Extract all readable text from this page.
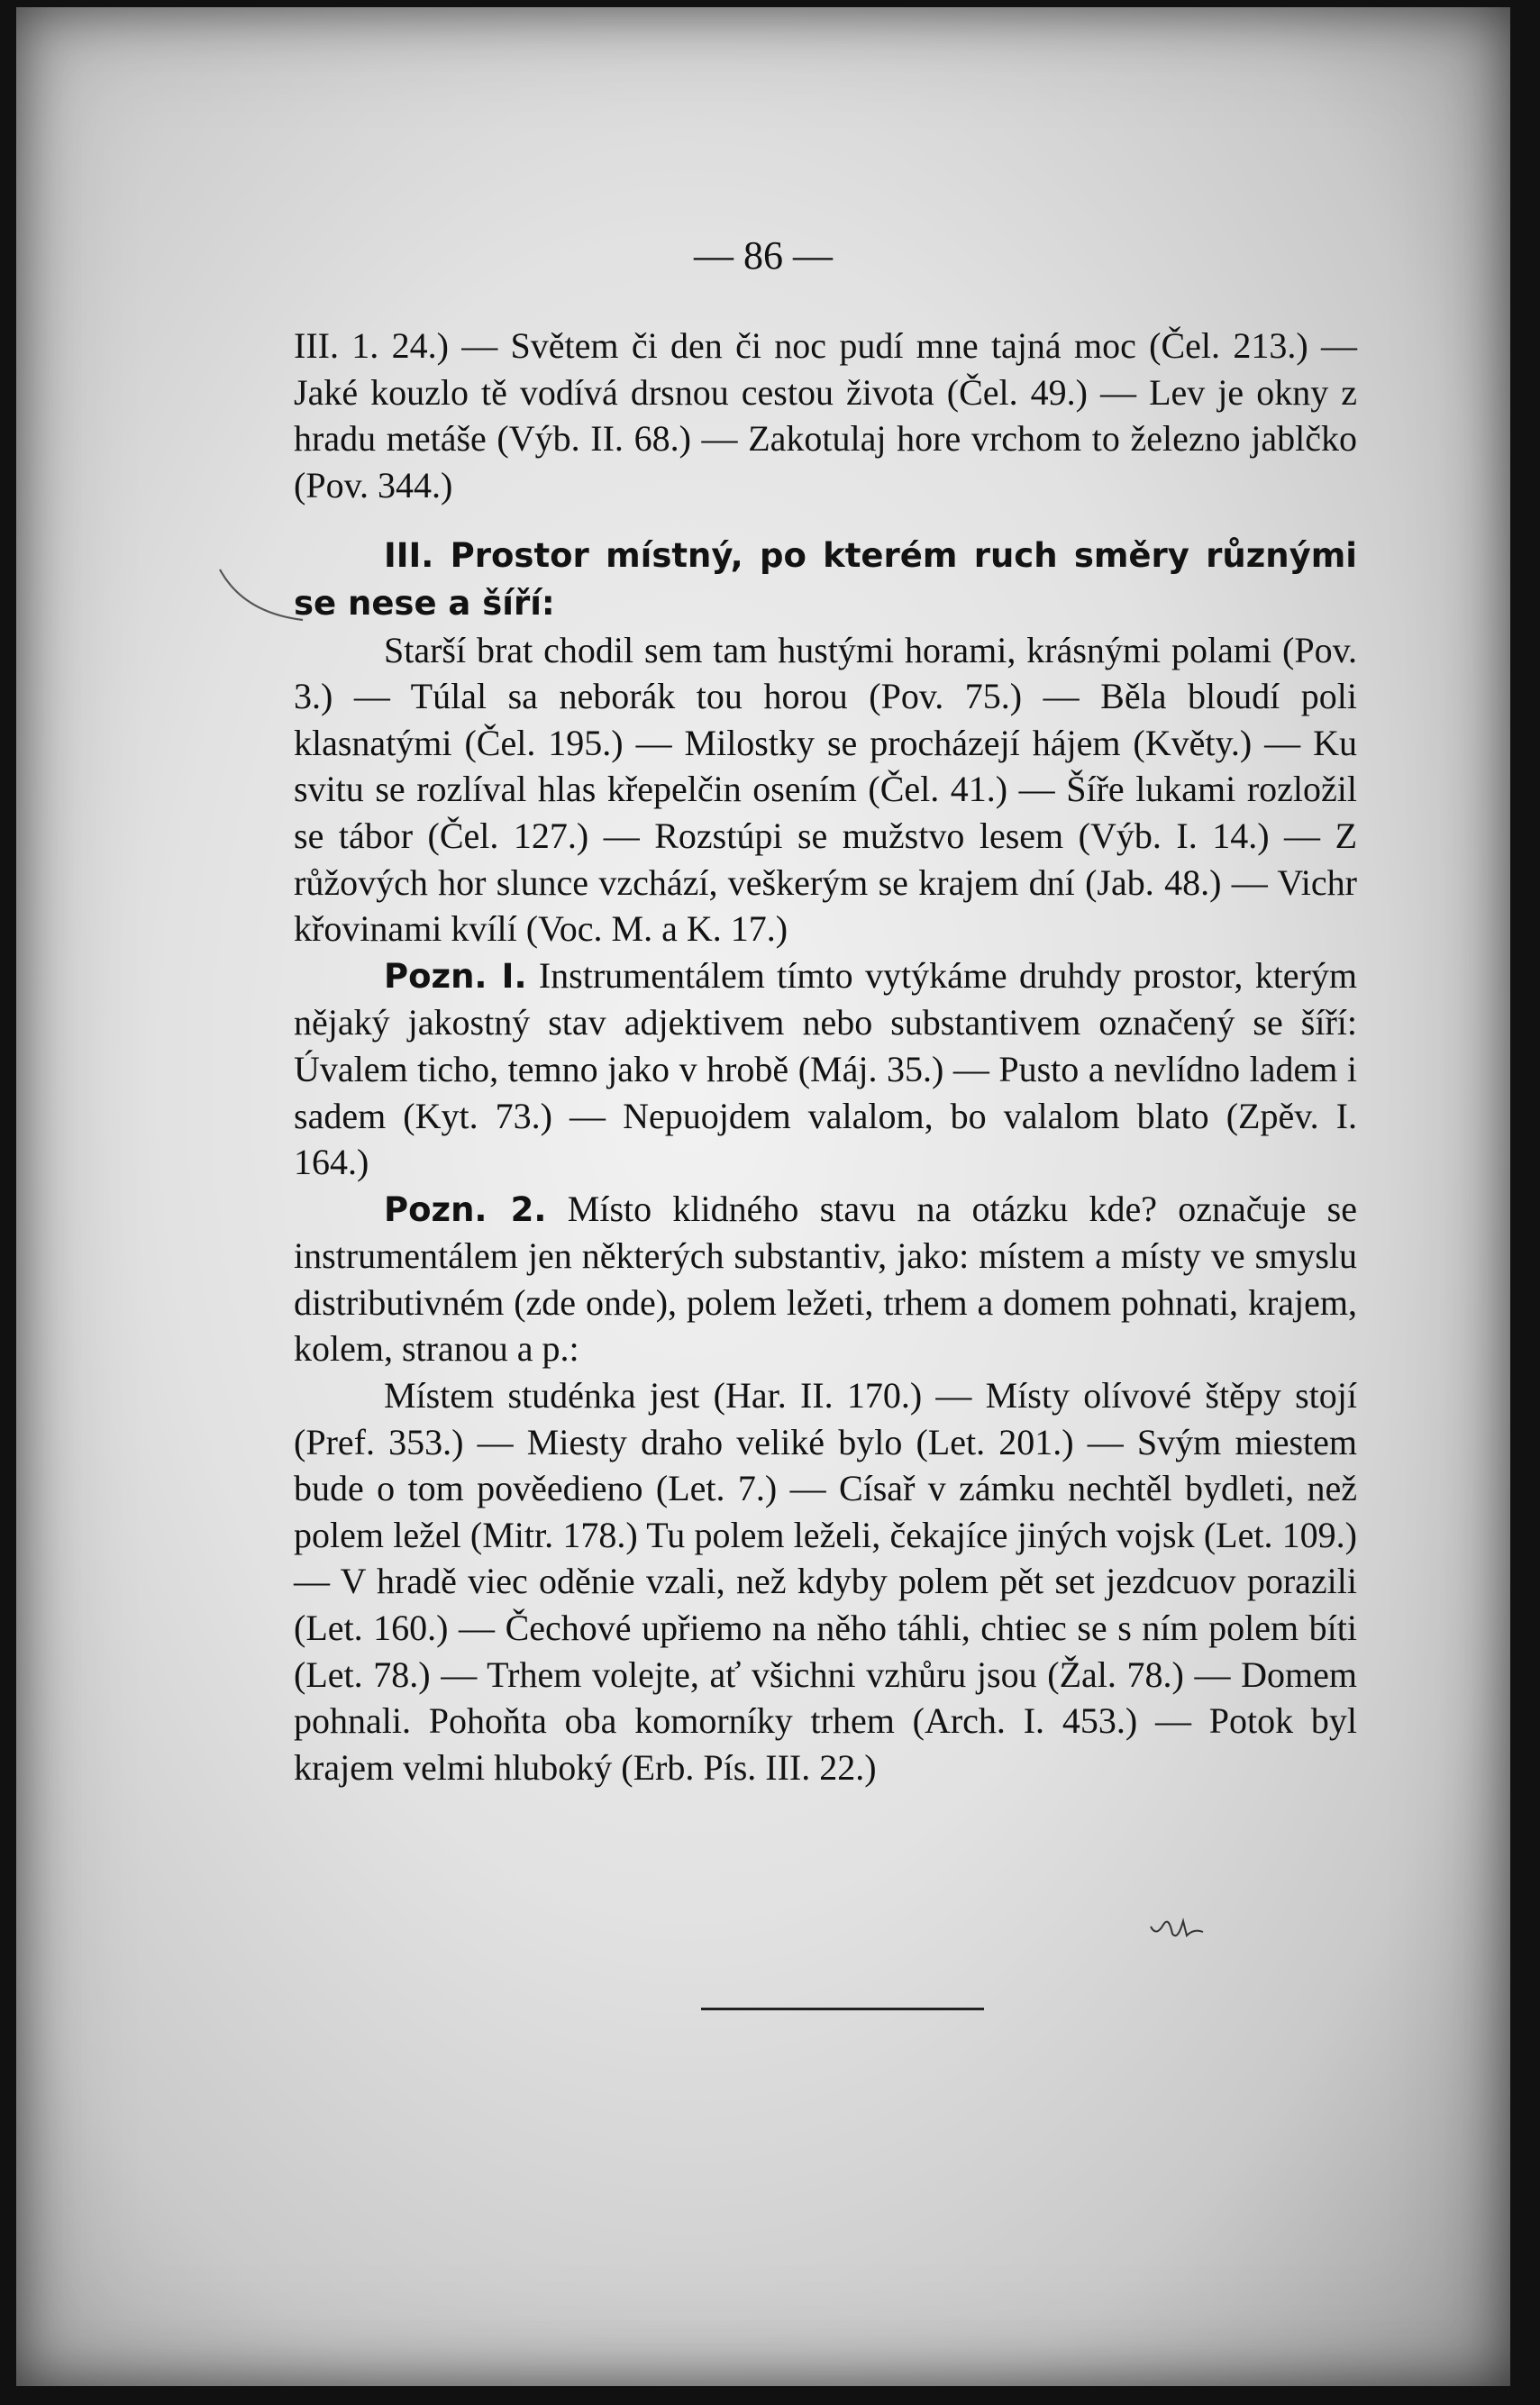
— 86 —

III. 1. 24.) — Světem či den či noc pudí mne tajná moc (Čel. 213.) — Jaké kouzlo tě vodívá drsnou cestou života (Čel. 49.) — Lev je okny z hradu metáše (Výb. II. 68.) — Zakotulaj hore vrchom to železno jablčko (Pov. 344.)

III. Prostor místný, po kterém ruch směry různými se nese a šíří:

Starší brat chodil sem tam hustými horami, krásnými polami (Pov. 3.) — Túlal sa neborák tou horou (Pov. 75.) — Běla bloudí poli klasnatými (Čel. 195.) — Milostky se procházejí hájem (Květy.) — Ku svitu se rozlíval hlas křepelčin osením (Čel. 41.) — Šíře lukami rozložil se tábor (Čel. 127.) — Rozstúpi se mužstvo lesem (Výb. I. 14.) — Z růžových hor slunce vzchází, veškerým se krajem dní (Jab. 48.) — Vichr křovinami kvílí (Voc. M. a K. 17.)

Pozn. I. Instrumentálem tímto vytýkáme druhdy prostor, kterým nějaký jakostný stav adjektivem nebo substantivem označený se šíří: Úvalem ticho, temno jako v hrobě (Máj. 35.) — Pusto a nevlídno ladem i sadem (Kyt. 73.) — Nepuojdem valalom, bo valalom blato (Zpěv. I. 164.)

Pozn. 2. Místo klidného stavu na otázku kde? označuje se instrumentálem jen některých substantiv, jako: místem a místy ve smyslu distributivném (zde onde), polem ležeti, trhem a domem pohnati, krajem, kolem, stranou a p.:

Místem studénka jest (Har. II. 170.) — Místy olívové štěpy stojí (Pref. 353.) — Miesty draho veliké bylo (Let. 201.) — Svým miestem bude o tom pověedieno (Let. 7.) — Císař v zámku nechtěl bydleti, než polem ležel (Mitr. 178.) Tu polem leželi, čekajíce jiných vojsk (Let. 109.) — V hradě viec oděnie vzali, než kdyby polem pět set jezdcuov porazili (Let. 160.) — Čechové upřiemo na něho táhli, chtiec se s ním polem bíti (Let. 78.) — Trhem volejte, ať všichni vzhůru jsou (Žal. 78.) — Domem pohnali. Pohoňta oba komorníky trhem (Arch. I. 453.) — Potok byl krajem velmi hluboký (Erb. Pís. III. 22.)
